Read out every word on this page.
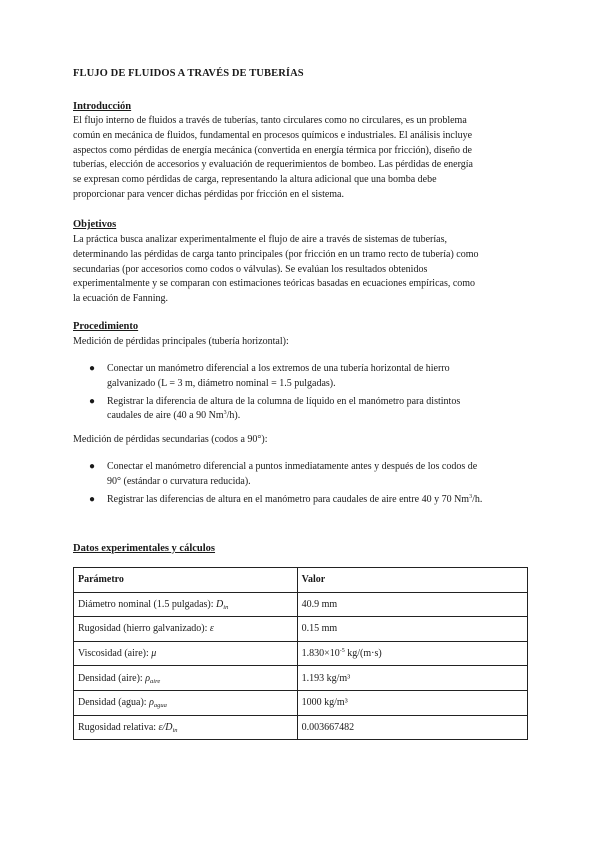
FLUJO DE FLUIDOS A TRAVÉS DE TUBERÍAS
Introducción
El flujo interno de fluidos a través de tuberías, tanto circulares como no circulares, es un problema
común en mecánica de fluidos, fundamental en procesos químicos e industriales. El análisis incluye
aspectos como pérdidas de energía mecánica (convertida en energía térmica por fricción), diseño de
tuberías, elección de accesorios y evaluación de requerimientos de bombeo. Las pérdidas de energía
se expresan como pérdidas de carga, representando la altura adicional que una bomba debe
proporcionar para vencer dichas pérdidas por fricción en el sistema.
Objetivos
La práctica busca analizar experimentalmente el flujo de aire a través de sistemas de tuberías,
determinando las pérdidas de carga tanto principales (por fricción en un tramo recto de tubería) como
secundarias (por accesorios como codos o válvulas). Se evalúan los resultados obtenidos
experimentalmente y se comparan con estimaciones teóricas basadas en ecuaciones empíricas, como
la ecuación de Fanning.
Procedimiento
Medición de pérdidas principales (tubería horizontal):
● Conectar un manómetro diferencial a los extremos de una tubería horizontal de hierro
galvanizado (L = 3 m, diámetro nominal = 1.5 pulgadas).
● Registrar la diferencia de altura de la columna de líquido en el manómetro para distintos
caudales de aire (40 a 90 Nm$^3$/h).
Medición de pérdidas secundarias (codos a 90°):
● Conectar el manómetro diferencial a puntos inmediatamente antes y después de los codos de
90° (estándar o curvatura reducida).
● Registrar las diferencias de altura en el manómetro para caudales de aire entre 40 y 70 Nm$^3$/h.
Datos experimentales y cálculos
Parámetro	Valor
Diámetro nominal (1.5 pulgadas): $D_{in}$	40.9 mm
Rugosidad (hierro galvanizado): ε	0.15 mm
Viscosidad (aire): μ	$1.830\times 10^{-5}$ kg/(m·s)
Densidad (aire): $\rho_{aire}$	1.193 kg/m³
Densidad (agua): $\rho_{agua}$	1000 kg/m³
Rugosidad relativa: $\varepsilon/D_{in}$	0.003667482
